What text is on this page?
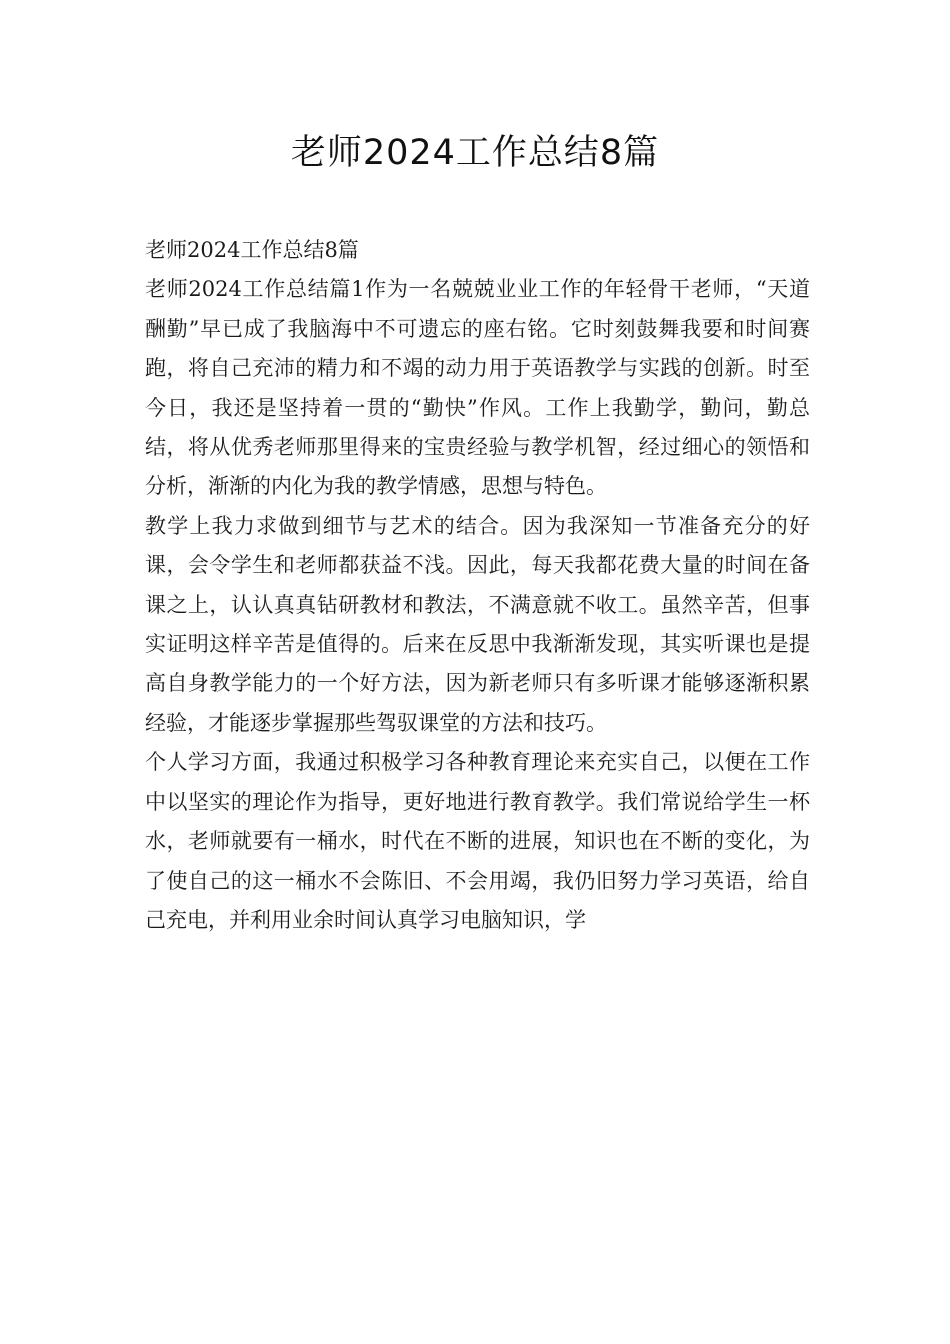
老师2024工作总结8篇

老师2024工作总结8篇

老师2024工作总结篇1作为一名兢兢业业工作的年轻骨干老师，“天道酬勤”早已成了我脑海中不可遗忘的座右铭。它时刻鼓舞我要和时间赛跑，将自己充沛的精力和不竭的动力用于英语教学与实践的创新。时至今日，我还是坚持着一贯的“勤快”作风。工作上我勤学，勤问，勤总结，将从优秀老师那里得来的宝贵经验与教学机智，经过细心的领悟和分析，渐渐的内化为我的教学情感，思想与特色。

教学上我力求做到细节与艺术的结合。因为我深知一节准备充分的好课，会令学生和老师都获益不浅。因此，每天我都花费大量的时间在备课之上，认认真真钻研教材和教法，不满意就不收工。虽然辛苦，但事实证明这样辛苦是值得的。后来在反思中我渐渐发现，其实听课也是提高自身教学能力的一个好方法，因为新老师只有多听课才能够逐渐积累经验，才能逐步掌握那些驾驭课堂的方法和技巧。

个人学习方面，我通过积极学习各种教育理论来充实自己，以便在工作中以坚实的理论作为指导，更好地进行教育教学。我们常说给学生一杯水，老师就要有一桶水，时代在不断的进展，知识也在不断的变化，为了使自己的这一桶水不会陈旧、不会用竭，我仍旧努力学习英语，给自己充电，并利用业余时间认真学习电脑知识，学
